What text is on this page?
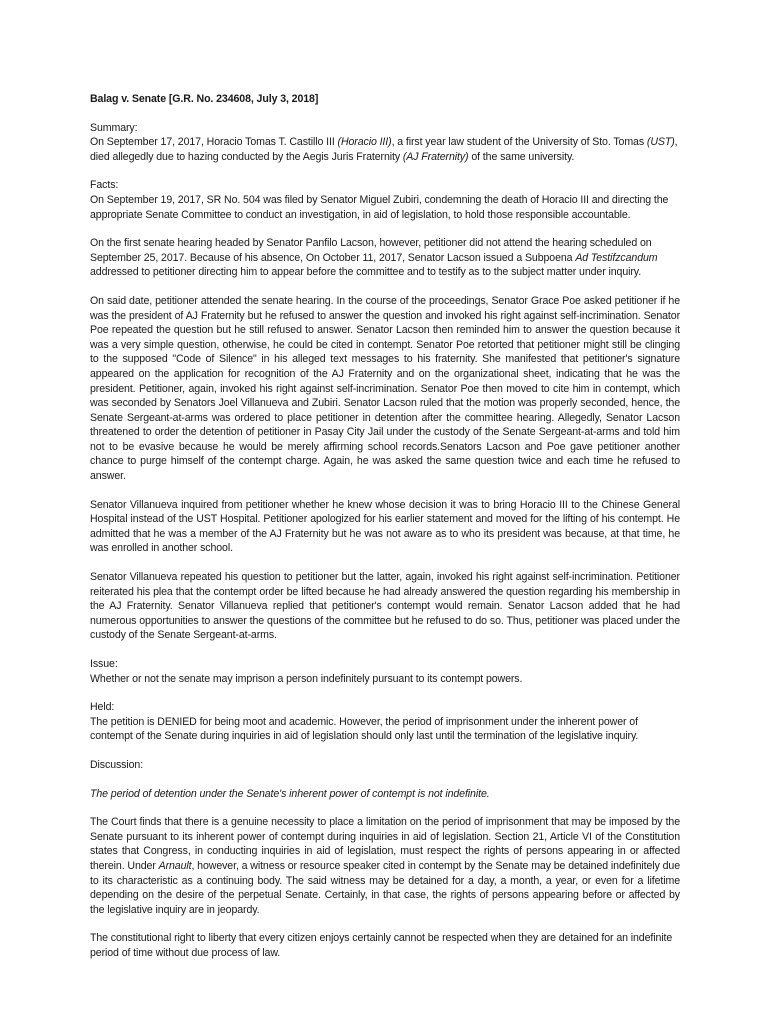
Balag v. Senate [G.R. No. 234608, July 3, 2018]

Summary:

On September 17, 2017, Horacio Tomas T. Castillo III (Horacio III), a first year law student of the University of Sto. Tomas (UST), died allegedly due to hazing conducted by the Aegis Juris Fraternity (AJ Fraternity) of the same university.

Facts:

On September 19, 2017, SR No. 504 was filed by Senator Miguel Zubiri, condemning the death of Horacio III and directing the appropriate Senate Committee to conduct an investigation, in aid of legislation, to hold those responsible accountable.

On the first senate hearing headed by Senator Panfilo Lacson, however, petitioner did not attend the hearing scheduled on September 25, 2017. Because of his absence, On October 11, 2017, Senator Lacson issued a Subpoena Ad Testifzcandum addressed to petitioner directing him to appear before the committee and to testify as to the subject matter under inquiry.

On said date, petitioner attended the senate hearing. In the course of the proceedings, Senator Grace Poe asked petitioner if he was the president of AJ Fraternity but he refused to answer the question and invoked his right against self-incrimination. Senator Poe repeated the question but he still refused to answer. Senator Lacson then reminded him to answer the question because it was a very simple question, otherwise, he could be cited in contempt. Senator Poe retorted that petitioner might still be clinging to the supposed "Code of Silence" in his alleged text messages to his fraternity. She manifested that petitioner's signature appeared on the application for recognition of the AJ Fraternity and on the organizational sheet, indicating that he was the president. Petitioner, again, invoked his right against self-incrimination. Senator Poe then moved to cite him in contempt, which was seconded by Senators Joel Villanueva and Zubiri. Senator Lacson ruled that the motion was properly seconded, hence, the Senate Sergeant-at-arms was ordered to place petitioner in detention after the committee hearing. Allegedly, Senator Lacson threatened to order the detention of petitioner in Pasay City Jail under the custody of the Senate Sergeant-at-arms and told him not to be evasive because he would be merely affirming school records.Senators Lacson and Poe gave petitioner another chance to purge himself of the contempt charge. Again, he was asked the same question twice and each time he refused to answer.

Senator Villanueva inquired from petitioner whether he knew whose decision it was to bring Horacio III to the Chinese General Hospital instead of the UST Hospital. Petitioner apologized for his earlier statement and moved for the lifting of his contempt. He admitted that he was a member of the AJ Fraternity but he was not aware as to who its president was because, at that time, he was enrolled in another school.

Senator Villanueva repeated his question to petitioner but the latter, again, invoked his right against self-incrimination. Petitioner reiterated his plea that the contempt order be lifted because he had already answered the question regarding his membership in the AJ Fraternity. Senator Villanueva replied that petitioner's contempt would remain. Senator Lacson added that he had numerous opportunities to answer the questions of the committee but he refused to do so. Thus, petitioner was placed under the custody of the Senate Sergeant-at-arms.

Issue:

Whether or not the senate may imprison a person indefinitely pursuant to its contempt powers.

Held:

The petition is DENIED for being moot and academic. However, the period of imprisonment under the inherent power of contempt of the Senate during inquiries in aid of legislation should only last until the termination of the legislative inquiry.

Discussion:

The period of detention under the Senate's inherent power of contempt is not indefinite.

The Court finds that there is a genuine necessity to place a limitation on the period of imprisonment that may be imposed by the Senate pursuant to its inherent power of contempt during inquiries in aid of legislation. Section 21, Article VI of the Constitution states that Congress, in conducting inquiries in aid of legislation, must respect the rights of persons appearing in or affected therein. Under Arnault, however, a witness or resource speaker cited in contempt by the Senate may be detained indefinitely due to its characteristic as a continuing body. The said witness may be detained for a day, a month, a year, or even for a lifetime depending on the desire of the perpetual Senate. Certainly, in that case, the rights of persons appearing before or affected by the legislative inquiry are in jeopardy.

The constitutional right to liberty that every citizen enjoys certainly cannot be respected when they are detained for an indefinite period of time without due process of law.
